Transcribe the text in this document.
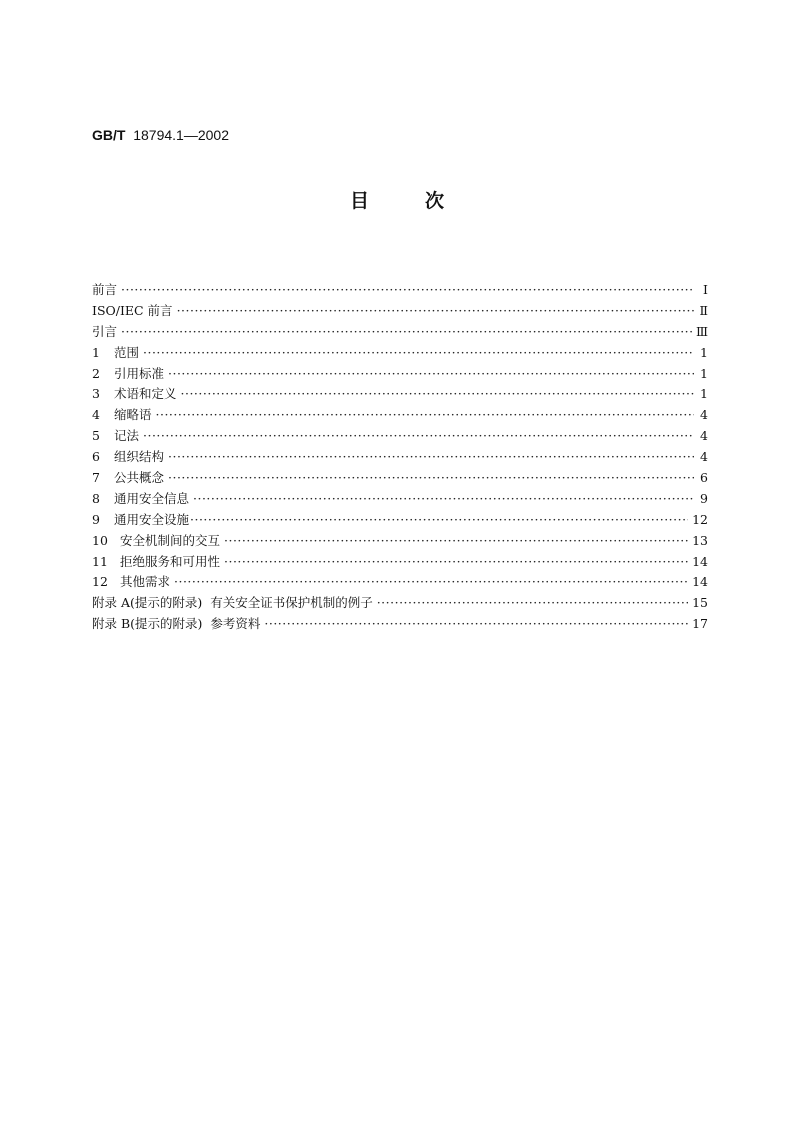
GB/T 18794.1—2002
目	次
前言 ·····	Ⅰ
ISO/IEC 前言 ·····	Ⅱ
引言 ·····	Ⅲ
1	范围 ·····	1
2	引用标准 ·····	1
3	术语和定义 ·····	1
4	缩略语 ·····	4
5	记法 ·····	4
6	组织结构 ·····	4
7	公共概念 ·····	6
8	通用安全信息 ·····	9
9	通用安全设施 ·····	12
10 安全机制间的交互 ·····	13
11 拒绝服务和可用性 ·····	14
12 其他需求 ·····	14
附录 A(提示的附录)  有关安全证书保护机制的例子 ·····	15
附录 B(提示的附录)  参考资料 ·····	17
